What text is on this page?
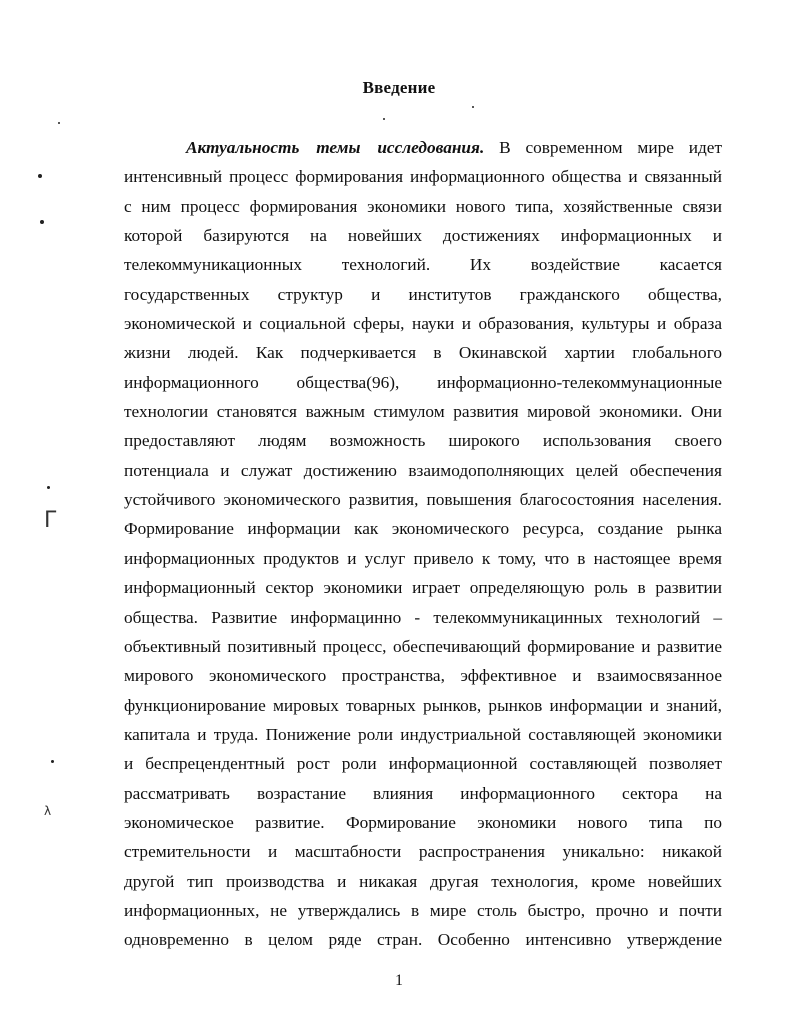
Введение
Актуальность темы исследования. В современном мире идет
интенсивный процесс формирования информационного общества и связанный
с ним процесс формирования экономики нового типа, хозяйственные связи
которой базируются на новейших достижениях информационных и
телекоммуникационных технологий. Их воздействие касается
государственных структур и институтов гражданского общества,
экономической и социальной сферы, науки и образования, культуры и образа
жизни людей. Как подчеркивается в Окинавской хартии глобального
информационного общества(96), информационно-телекоммунационные
технологии становятся важным стимулом развития мировой экономики. Они
предоставляют людям возможность широкого использования своего
потенциала и служат достижению взаимодополняющих целей обеспечения
устойчивого экономического развития, повышения благосостояния населения.
Формирование информации как экономического ресурса, создание рынка
информационных продуктов и услуг привело к тому, что в настоящее время
информационный сектор экономики играет определяющую роль в развитии
общества. Развитие информацинно - телекоммуникацинных технологий –
объективный позитивный процесс, обеспечивающий формирование и развитие
мирового экономического пространства, эффективное и взаимосвязанное
функционирование мировых товарных рынков, рынков информации и знаний,
капитала и труда. Понижение роли индустриальной составляющей экономики
и беспрецендентный рост роли информационной составляющей позволяет
рассматривать возрастание влияния информационного сектора на
экономическое развитие. Формирование экономики нового типа по
стремительности и масштабности распространения уникально: никакой
другой тип производства и никакая другая технология, кроме новейших
информационных, не утверждались в мире столь быстро, прочно и почти
одновременно в целом ряде стран. Особенно интенсивно утверждение
1
Г
λ
